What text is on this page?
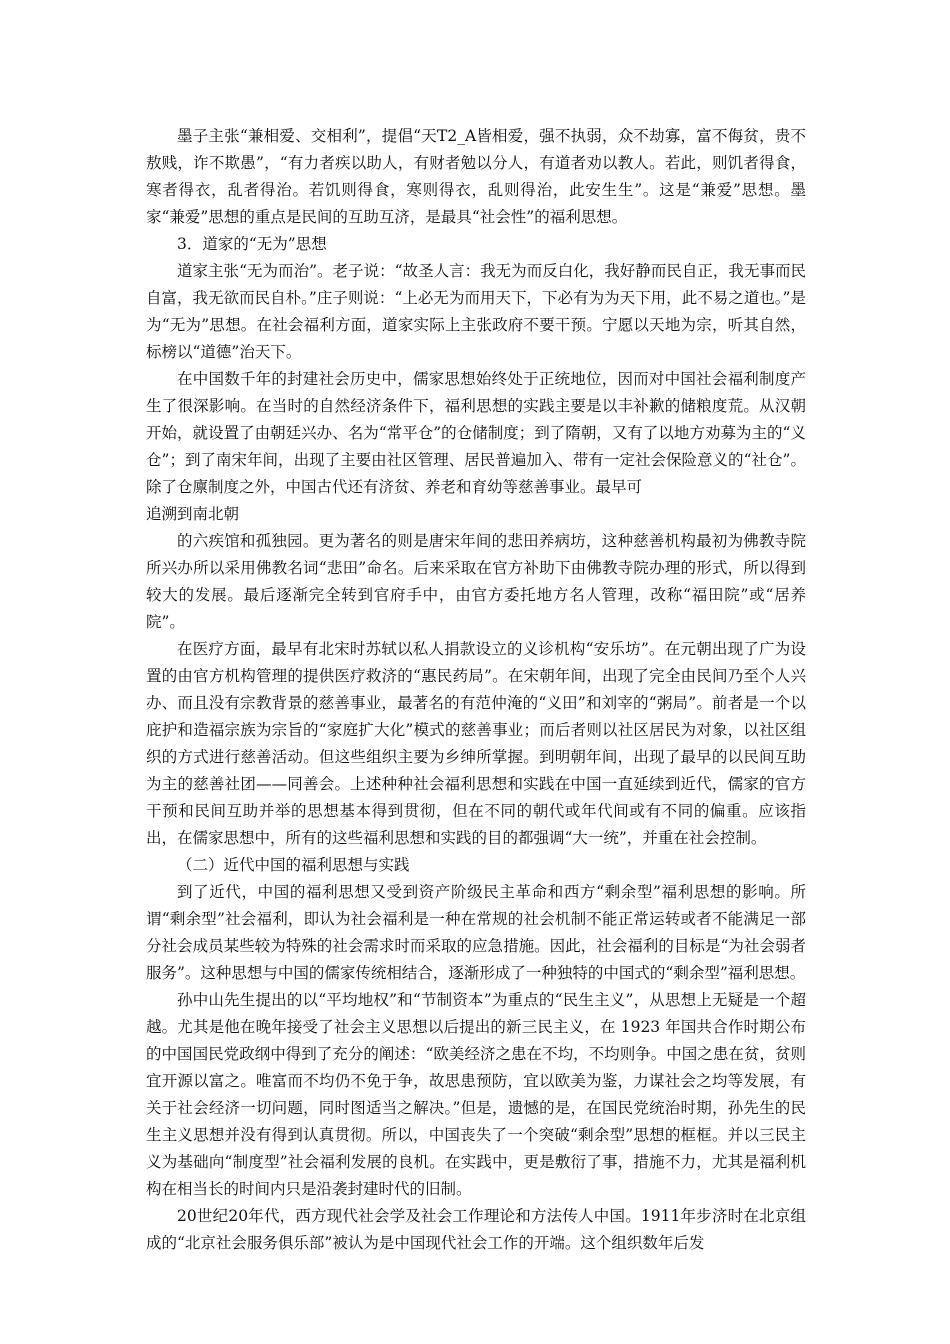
墨子主张“兼相爱、交相利”，提倡“天T2_A皆相爱，强不执弱，众不劫寡，富不侮贫，贵不敖贱，诈不欺愚”，“有力者疾以助人，有财者勉以分人，有道者劝以教人。若此，则饥者得食，寒者得衣，乱者得治。若饥则得食，寒则得衣，乱则得治，此安生生”。这是“兼爱”思想。墨家“兼爱”思想的重点是民间的互助互济，是最具“社会性”的福利思想。

3．道家的“无为”思想

道家主张“无为而治”。老子说：“故圣人言：我无为而反白化，我好静而民自正，我无事而民自富，我无欲而民自朴。”庄子则说：“上必无为而用天下，下必有为为天下用，此不易之道也。”是为“无为”思想。在社会福利方面，道家实际上主张政府不要干预。宁愿以天地为宗，听其自然，标榜以“道德”治天下。

在中国数千年的封建社会历史中，儒家思想始终处于正统地位，因而对中国社会福利制度产生了很深影响。在当时的自然经济条件下，福利思想的实践主要是以丰补歉的储粮度荒。从汉朝开始，就设置了由朝廷兴办、名为“常平仓”的仓储制度；到了隋朝，又有了以地方劝募为主的“义仓”；到了南宋年间，出现了主要由社区管理、居民普遍加入、带有一定社会保险意义的“社仓”。除了仓廪制度之外，中国古代还有济贫、养老和育幼等慈善事业。最早可

追溯到南北朝

的六疾馆和孤独园。更为著名的则是唐宋年间的悲田养病坊，这种慈善机构最初为佛教寺院所兴办所以采用佛教名词“悲田”命名。后来采取在官方补助下由佛教寺院办理的形式，所以得到较大的发展。最后逐渐完全转到官府手中，由官方委托地方名人管理，改称“福田院”或“居养院”。

在医疗方面，最早有北宋时苏轼以私人捐款设立的义诊机构“安乐坊”。在元朝出现了广为设置的由官方机构管理的提供医疗救济的“惠民药局”。在宋朝年间，出现了完全由民间乃至个人兴办、而且没有宗教背景的慈善事业，最著名的有范仲淹的“义田”和刘宰的“粥局”。前者是一个以庇护和造福宗族为宗旨的“家庭扩大化”模式的慈善事业；而后者则以社区居民为对象，以社区组织的方式进行慈善活动。但这些组织主要为乡绅所掌握。到明朝年间，出现了最早的以民间互助为主的慈善社团——同善会。上述种种社会福利思想和实践在中国一直延续到近代，儒家的官方干预和民间互助并举的思想基本得到贯彻，但在不同的朝代或年代间或有不同的偏重。应该指出，在儒家思想中，所有的这些福利思想和实践的目的都强调“大一统”，并重在社会控制。

（二）近代中国的福利思想与实践

到了近代，中国的福利思想又受到资产阶级民主革命和西方“剩余型”福利思想的影响。所谓“剩余型”社会福利，即认为社会福利是一种在常规的社会机制不能正常运转或者不能满足一部分社会成员某些较为特殊的社会需求时而采取的应急措施。因此，社会福利的目标是“为社会弱者服务”。这种思想与中国的儒家传统相结合，逐渐形成了一种独特的中国式的“剩余型”福利思想。

孙中山先生提出的以“平均地权”和“节制资本”为重点的“民生主义”，从思想上无疑是一个超越。尤其是他在晚年接受了社会主义思想以后提出的新三民主义，在 1923 年国共合作时期公布的中国国民党政纲中得到了充分的阐述：“欧美经济之患在不均，不均则争。中国之患在贫，贫则宜开源以富之。唯富而不均仍不免于争，故思患预防，宜以欧美为鉴，力谋社会之均等发展，有关于社会经济一切问题，同时图适当之解决。”但是，遗憾的是，在国民党统治时期，孙先生的民生主义思想并没有得到认真贯彻。所以，中国丧失了一个突破“剩余型”思想的框框。并以三民主义为基础向“制度型”社会福利发展的良机。在实践中，更是敷衍了事，措施不力，尤其是福利机构在相当长的时间内只是沿袭封建时代的旧制。

20世纪20年代，西方现代社会学及社会工作理论和方法传人中国。1911年步济时在北京组成的“北京社会服务俱乐部”被认为是中国现代社会工作的开端。这个组织数年后发
